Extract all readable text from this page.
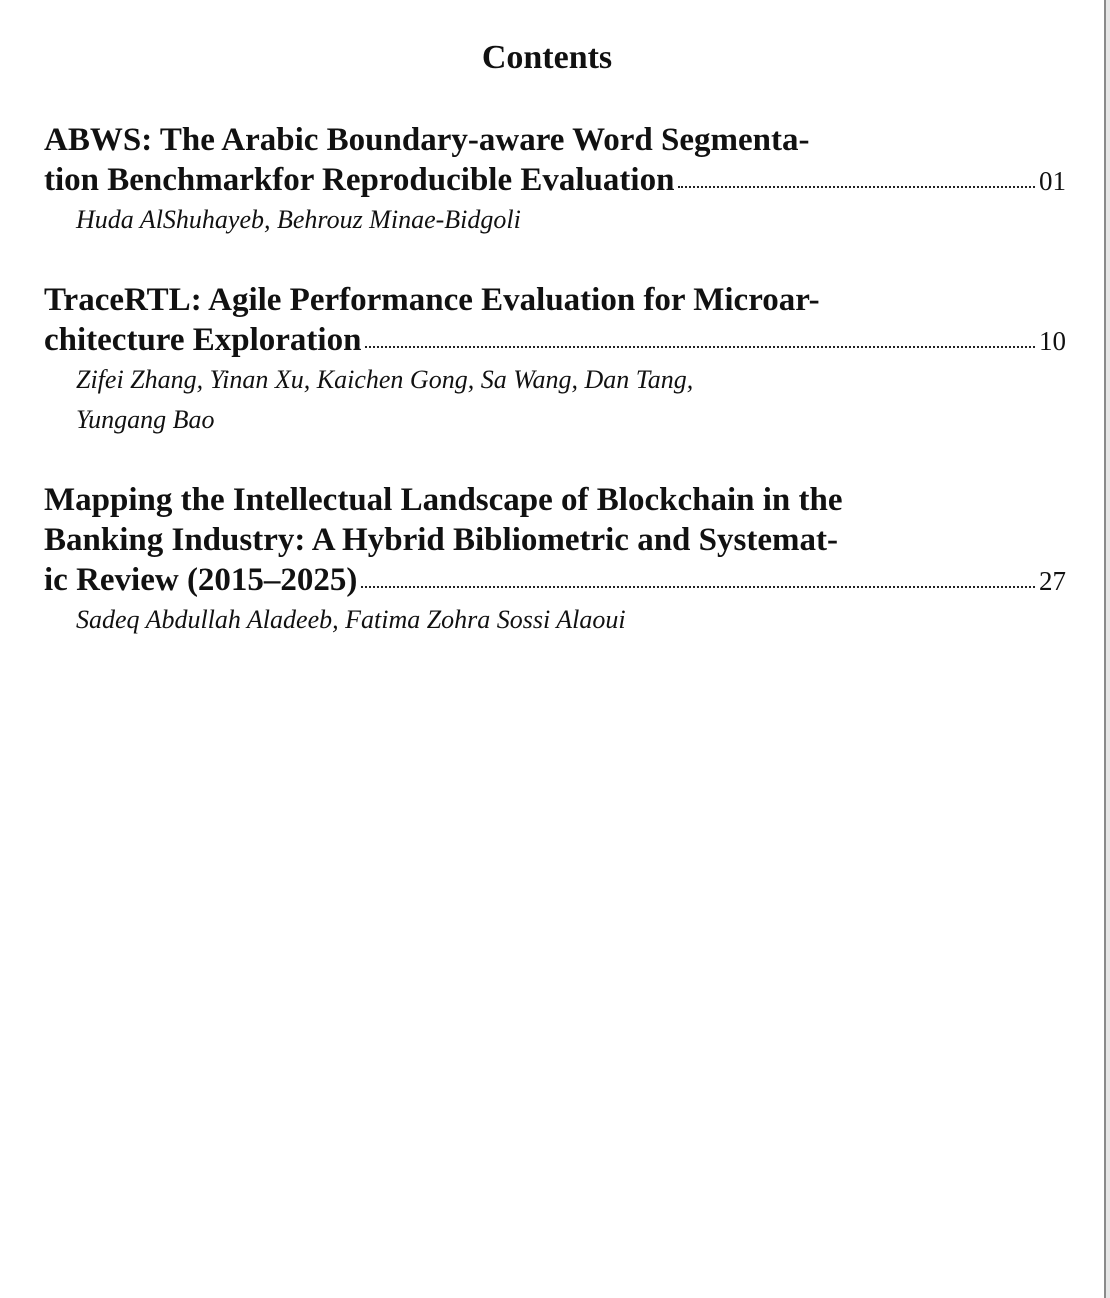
Contents
ABWS: The Arabic Boundary-aware Word Segmenta-
tion Benchmarkfor Reproducible Evaluation	01
Huda AlShuhayeb, Behrouz Minae-Bidgoli
TraceRTL: Agile Performance Evaluation for Microar-
chitecture Exploration	10
Zifei Zhang, Yinan Xu, Kaichen Gong, Sa Wang, Dan Tang,
Yungang Bao
Mapping the Intellectual Landscape of Blockchain in the
Banking Industry: A Hybrid Bibliometric and Systemat-
ic Review (2015–2025)	27
Sadeq Abdullah Aladeeb, Fatima Zohra Sossi Alaoui
